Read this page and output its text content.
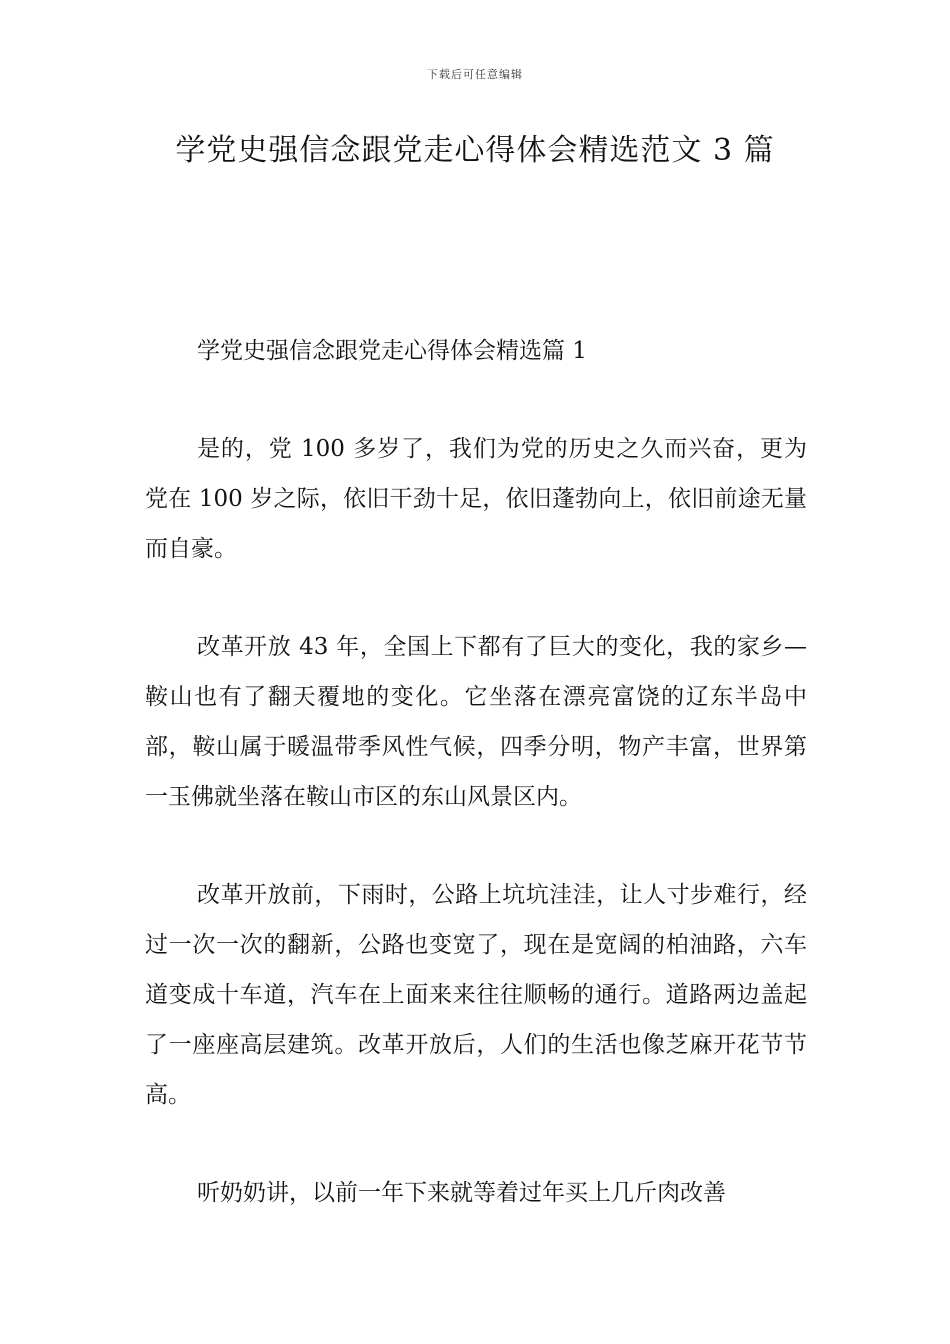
下载后可任意编辑
学党史强信念跟党走心得体会精选范文 3 篇

学党史强信念跟党走心得体会精选篇 1

是的，党 100 多岁了，我们为党的历史之久而兴奋，更为党在 100 岁之际，依旧干劲十足，依旧蓬勃向上，依旧前途无量而自豪。

改革开放 43 年，全国上下都有了巨大的变化，我的家乡—鞍山也有了翻天覆地的变化。它坐落在漂亮富饶的辽东半岛中部，鞍山属于暖温带季风性气候，四季分明，物产丰富，世界第一玉佛就坐落在鞍山市区的东山风景区内。

改革开放前，下雨时，公路上坑坑洼洼，让人寸步难行，经过一次一次的翻新，公路也变宽了，现在是宽阔的柏油路，六车道变成十车道，汽车在上面来来往往顺畅的通行。道路两边盖起了一座座高层建筑。改革开放后，人们的生活也像芝麻开花节节高。

听奶奶讲，以前一年下来就等着过年买上几斤肉改善
